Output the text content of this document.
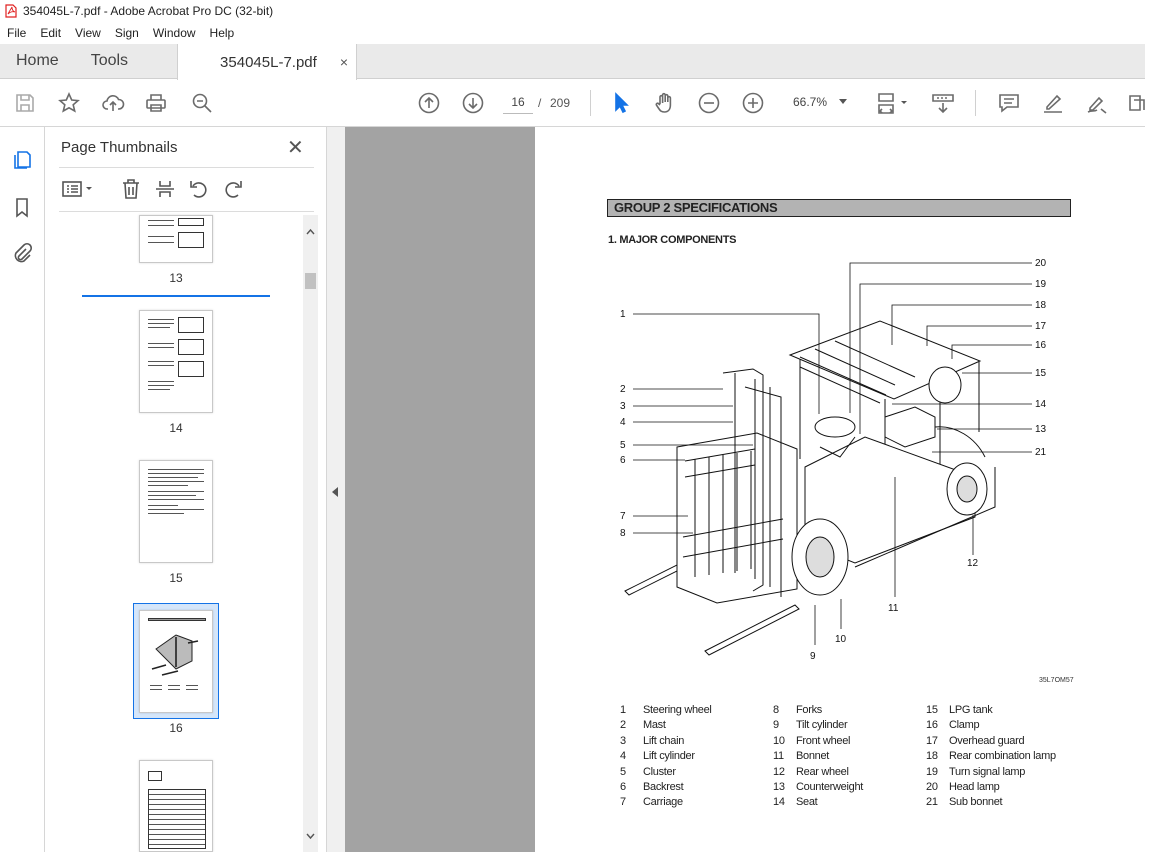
354045L-7.pdf - Adobe Acrobat Pro DC (32-bit)
File	Edit	View	Sign	Window	Help
Home	Tools	354045L-7.pdf ×
16
/ 209	66.7%
Page Thumbnails	✕
13
14
15
16
GROUP 2 SPECIFICATIONS
1. MAJOR COMPONENTS
1
2
3
4
5
6
7
8
9
10
11
12
13
14
15
16
17
18
19
20
21
35L7OM57
1 Steering wheel
2 Mast
3 Lift chain
4 Lift cylinder
5 Cluster
6 Backrest
7 Carriage
8 Forks
9 Tilt cylinder
10 Front wheel
11 Bonnet
12 Rear wheel
13 Counterweight
14 Seat
15 LPG tank
16 Clamp
17 Overhead guard
18 Rear combination lamp
19 Turn signal lamp
20 Head lamp
21 Sub bonnet
